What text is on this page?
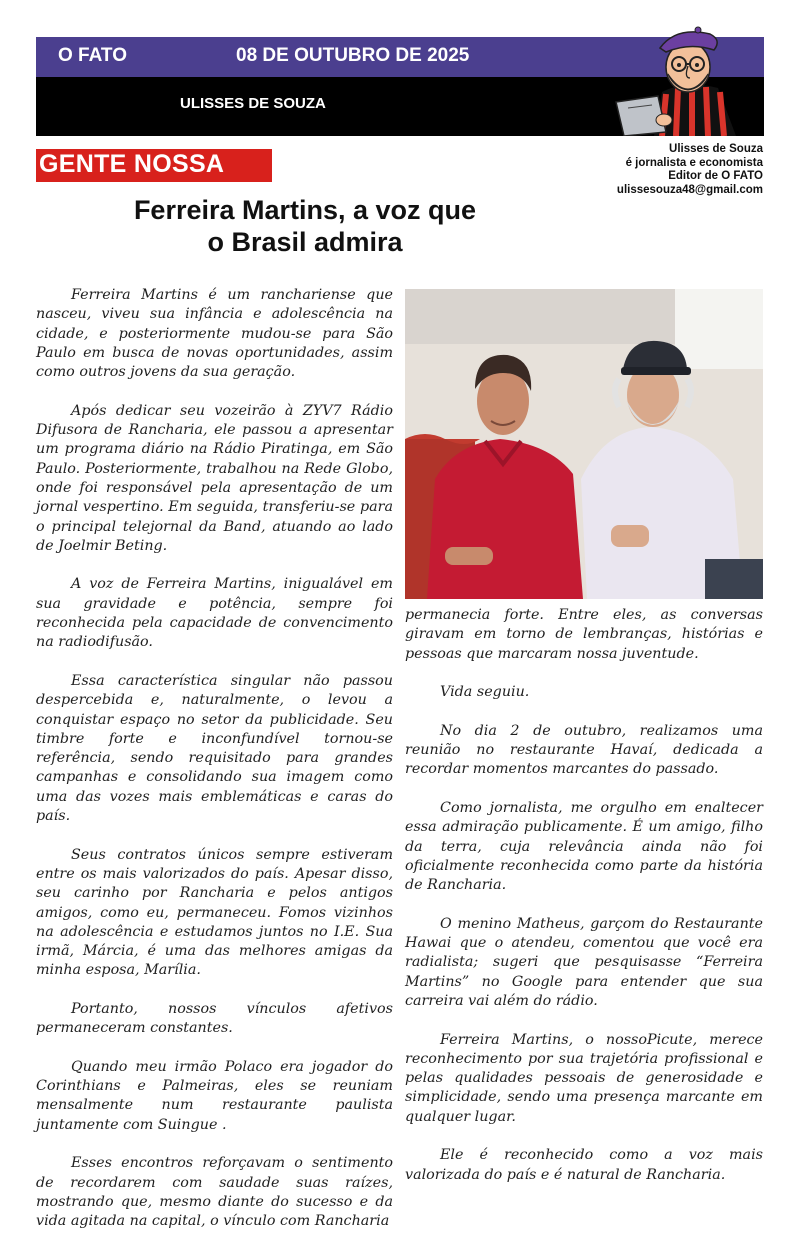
O FATO	08 DE OUTUBRO DE 2025
ULISSES DE SOUZA
GENTE NOSSA
Ulisses de Souza
é jornalista e economista
Editor de O FATO
ulissesouza48@gmail.com
Ferreira Martins, a voz que
o Brasil admira

Ferreira Martins é um ranchariense que nasceu, viveu sua infância e adolescência na cidade, e posteriormente mudou-se para São Paulo em busca de novas oportunidades, assim como outros jovens da sua geração.

Após dedicar seu vozeirão à ZYV7 Rádio Difusora de Rancharia, ele passou a apresentar um programa diário na Rádio Piratinga, em São Paulo. Posteriormente, trabalhou na Rede Globo, onde foi responsável pela apresentação de um jornal vespertino. Em seguida, transferiu-se para o principal telejornal da Band, atuando ao lado de Joelmir Beting.

A voz de Ferreira Martins, inigualável em sua gravidade e potência, sempre foi reconhecida pela capacidade de convencimento na radiodifusão.

Essa característica singular não passou despercebida e, naturalmente, o levou a conquistar espaço no setor da publicidade. Seu timbre forte e inconfundível tornou-se referência, sendo requisitado para grandes campanhas e consolidando sua imagem como uma das vozes mais emblemáticas e caras do país.

Seus contratos únicos sempre estiveram entre os mais valorizados do país. Apesar disso, seu carinho por Rancharia e pelos antigos amigos, como eu, permaneceu. Fomos vizinhos na adolescência e estudamos juntos no I.E. Sua irmã, Márcia, é uma das melhores amigas da minha esposa, Marília.

Portanto, nossos vínculos afetivos permaneceram constantes.

Quando meu irmão Polaco era jogador do Corinthians e Palmeiras, eles se reuniam mensalmente num restaurante paulista juntamente com Suingue .

Esses encontros reforçavam o sentimento de recordarem com saudade suas raízes, mostrando que, mesmo diante do sucesso e da vida agitada na capital, o vínculo com Rancharia

permanecia forte. Entre eles, as conversas giravam em torno de lembranças, histórias e pessoas que marcaram nossa juventude.

Vida seguiu.

No dia 2 de outubro, realizamos uma reunião no restaurante Havaí, dedicada a recordar momentos marcantes do passado.

Como jornalista, me orgulho em enaltecer essa admiração publicamente. É um amigo, filho da terra, cuja relevância ainda não foi oficialmente reconhecida como parte da história de Rancharia.

O menino Matheus, garçom do Restaurante Hawai que o atendeu, comentou que você era radialista; sugeri que pesquisasse “Ferreira Martins” no Google para entender que sua carreira vai além do rádio.

Ferreira Martins, o nossoPicute, merece reconhecimento por sua trajetória profissional e pelas qualidades pessoais de generosidade e simplicidade, sendo uma presença marcante em qualquer lugar.

Ele é reconhecido como a voz mais valorizada do país e é natural de Rancharia.
